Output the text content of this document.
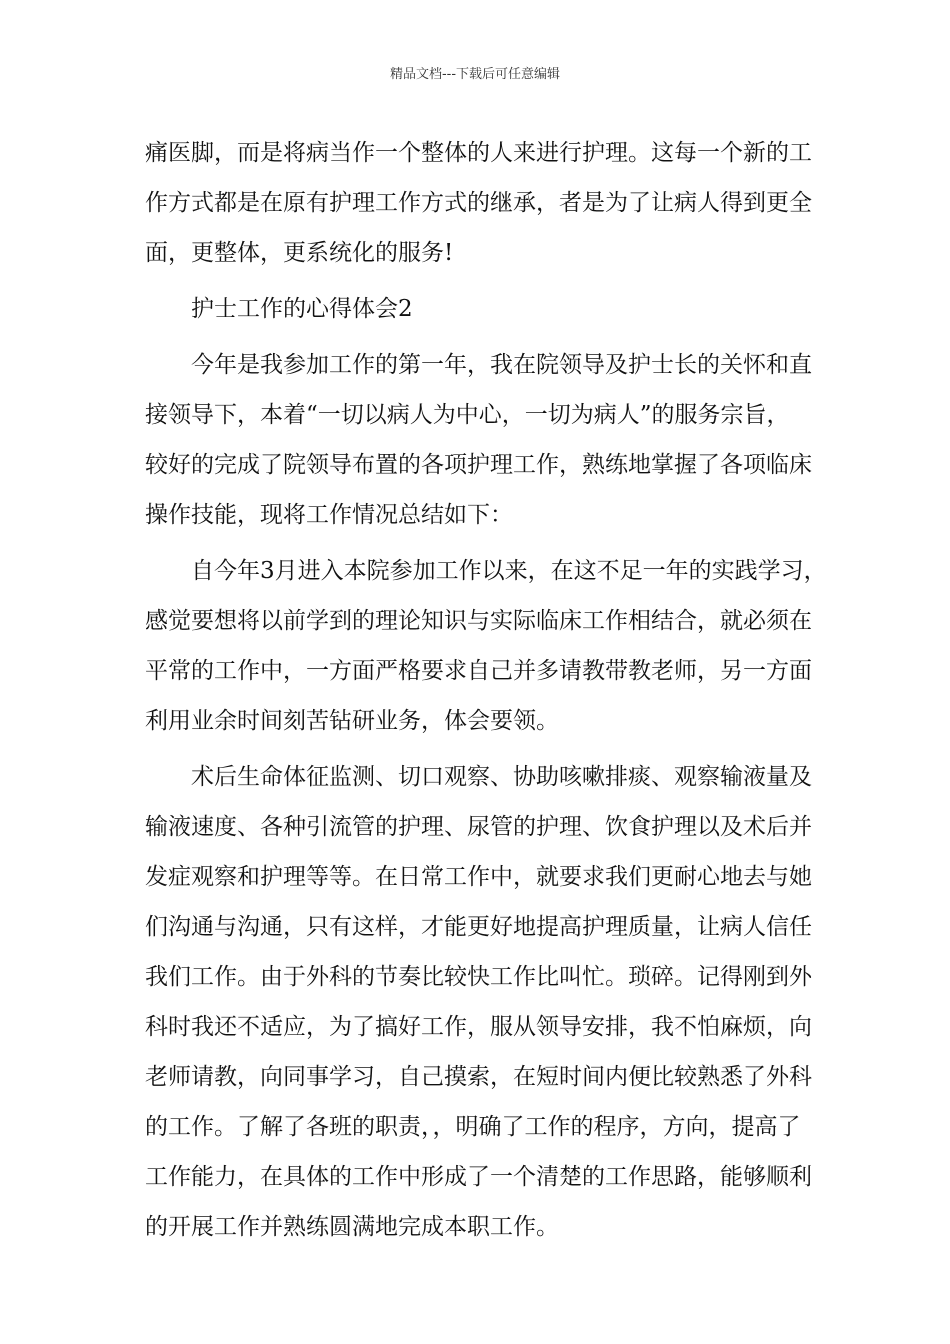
精品文档---下载后可任意编辑
痛医脚，而是将病当作一个整体的人来进行护理。这每一个新的工
作方式都是在原有护理工作方式的继承，者是为了让病人得到更全
面，更整体，更系统化的服务!
护士工作的心得体会2
今年是我参加工作的第一年，我在院领导及护士长的关怀和直
接领导下，本着“一切以病人为中心，一切为病人”的服务宗旨，
较好的完成了院领导布置的各项护理工作，熟练地掌握了各项临床
操作技能，现将工作情况总结如下：
自今年3月进入本院参加工作以来，在这不足一年的实践学习，
感觉要想将以前学到的理论知识与实际临床工作相结合，就必须在
平常的工作中，一方面严格要求自己并多请教带教老师，另一方面
利用业余时间刻苦钻研业务，体会要领。
术后生命体征监测、切口观察、协助咳嗽排痰、观察输液量及
输液速度、各种引流管的护理、尿管的护理、饮食护理以及术后并
发症观察和护理等等。在日常工作中，就要求我们更耐心地去与她
们沟通与沟通，只有这样，才能更好地提高护理质量，让病人信任
我们工作。由于外科的节奏比较快工作比叫忙。琐碎。记得刚到外
科时我还不适应，为了搞好工作，服从领导安排，我不怕麻烦，向
老师请教，向同事学习，自己摸索，在短时间内便比较熟悉了外科
的工作。了解了各班的职责，，明确了工作的程序，方向，提高了
工作能力，在具体的工作中形成了一个清楚的工作思路，能够顺利
的开展工作并熟练圆满地完成本职工作。
